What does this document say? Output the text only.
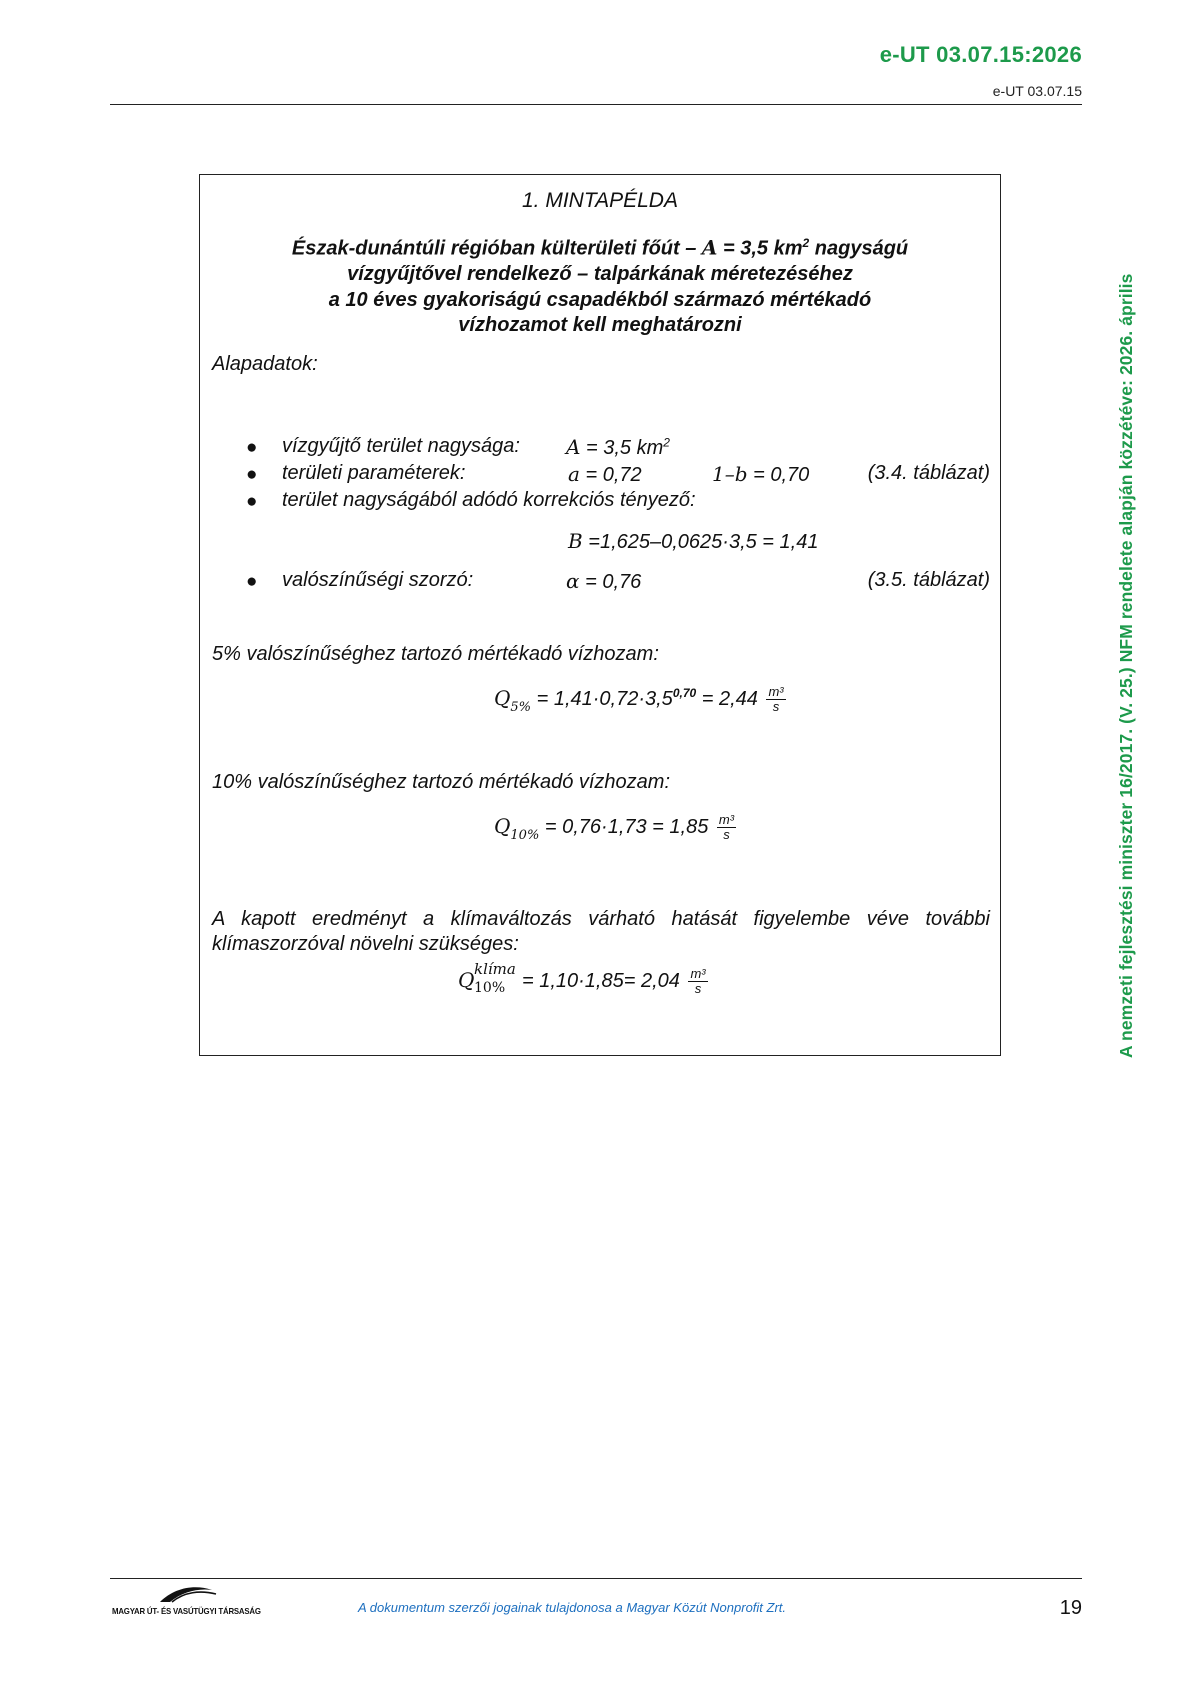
e-UT 03.07.15:2026
e-UT 03.07.15
A nemzeti fejlesztési miniszter 16/2017. (V. 25.) NFM rendelete alapján közzétéve: 2026. április
1. MINTAPÉLDA
Észak-dunántúli régióban külterületi főút – A = 3,5 $km^2$ nagyságú
vízgyűjtővel rendelkező – talpárkának méretezéséhez
a 10 éves gyakoriságú csapadékból származó mértékadó
vízhozamot kell meghatározni
Alapadatok:
● vízgyűjtő terület nagysága: A = 3,5 $km^2$
● területi paraméterek:	a = 0,72	1–b = 0,70	(3.4. táblázat)
● terület nagyságából adódó korrekciós tényező:
B =1,625–0,0625·3,5 = 1,41
● valószínűségi szorzó:	α = 0,76	(3.5. táblázat)
5% valószínűséghez tartozó mértékadó vízhozam:
$Q_{5\%} = 1,41\cdot 0,72\cdot 3,5^{0,70} = 2,44 \frac{\text{m³}}{s}$
10% valószínűséghez tartozó mértékadó vízhozam:
$Q_{10\%} = 0,76\cdot 1,73 = 1,85 \frac{\text{m³}}{s}$
A kapott eredményt a klímaváltozás várható hatását figyelembe véve további klímaszorzóval növelni szükséges:
Q klíma
$10\% = 1,10\cdot 1,85= 2,04 \frac{\text{m³}}{s}$
MAGYAR ÚT- ÉS VASÚTÜGYI TÁRSASÁG	A dokumentum szerzői jogainak tulajdonosa a Magyar Közút Nonprofit Zrt.	19
